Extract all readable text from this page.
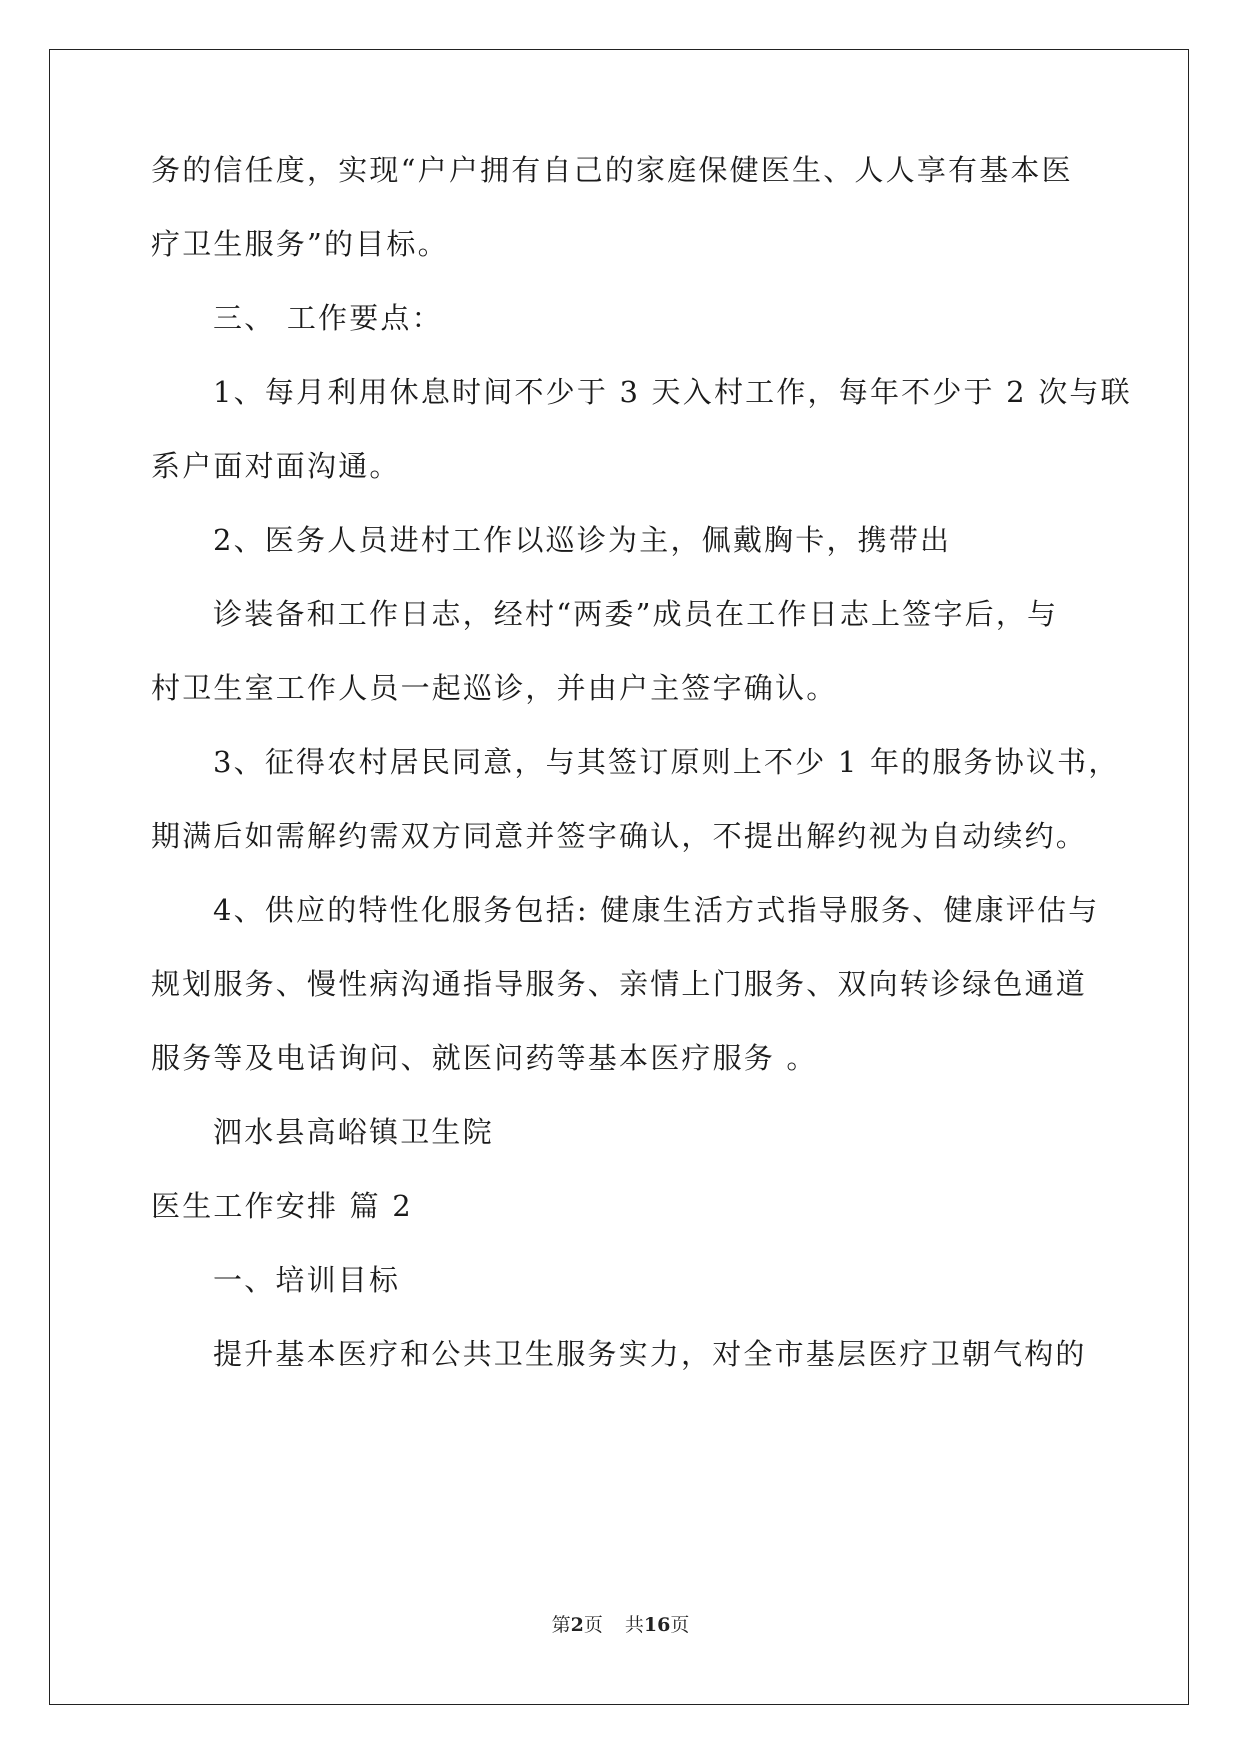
务的信任度，实现“户户拥有自己的家庭保健医生、人人享有基本医
疗卫生服务”的目标。
三、 工作要点：
1、每月利用休息时间不少于 3 天入村工作，每年不少于 2 次与联
系户面对面沟通。
2、医务人员进村工作以巡诊为主，佩戴胸卡，携带出
诊装备和工作日志，经村“两委”成员在工作日志上签字后，与
村卫生室工作人员一起巡诊，并由户主签字确认。
3、征得农村居民同意，与其签订原则上不少 1 年的服务协议书，
期满后如需解约需双方同意并签字确认，不提出解约视为自动续约。
4、供应的特性化服务包括: 健康生活方式指导服务、健康评估与
规划服务、慢性病沟通指导服务、亲情上门服务、双向转诊绿色通道
服务等及电话询问、就医问药等基本医疗服务 。
泗水县高峪镇卫生院
医生工作安排 篇 2
一、培训目标
提升基本医疗和公共卫生服务实力，对全市基层医疗卫朝气构的
第2页 共16页
